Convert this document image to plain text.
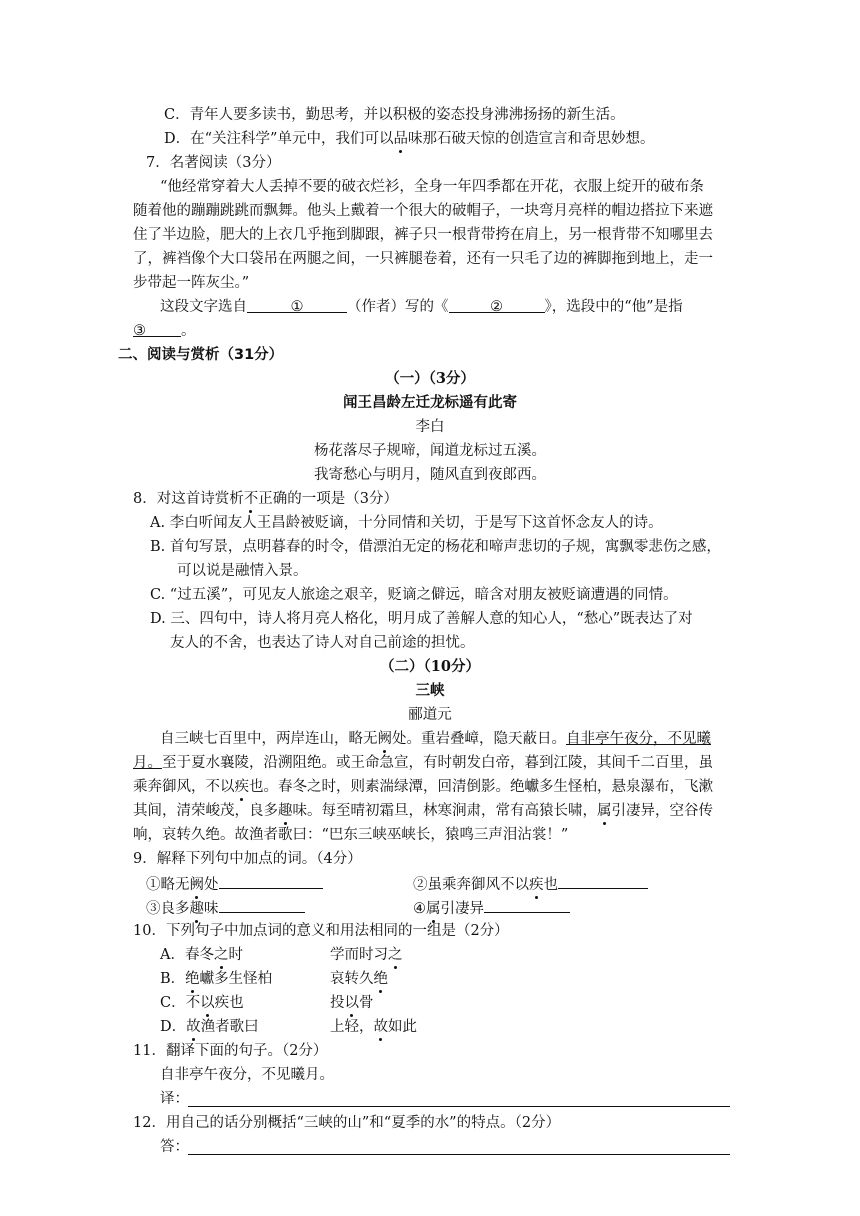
C．青年人要多读书，勤思考，并以积极的姿态投身沸沸扬扬的新生活。
D．在“关注科学”单元中，我们可以品味那石破天惊的创造宣言和奇思妙想。
7．名著阅读（3分）
“他经常穿着大人丢掉不要的破衣烂衫，全身一年四季都在开花，衣服上绽开的破布条
随着他的蹦蹦跳跳而飘舞。他头上戴着一个很大的破帽子，一块弯月亮样的帽边搭拉下来遮
住了半边脸，肥大的上衣几乎拖到脚跟，裤子只一根背带挎在肩上，另一根背带不知哪里去
了，裤裆像个大口袋吊在两腿之间，一只裤腿卷着，还有一只毛了边的裤脚拖到地上，走一
步带起一阵灰尘。”
这段文字选自	①	（作者）写的《	②	》，选段中的“他”是指
③ 。
二、阅读与赏析（31分）
（一）（3分）
闻王昌龄左迁龙标遥有此寄
李白
杨花落尽子规啼，闻道龙标过五溪。
我寄愁心与明月，随风直到夜郎西。
8．对这首诗赏析不正确的一项是（3分）
A. 李白听闻友人王昌龄被贬谪，十分同情和关切，于是写下这首怀念友人的诗。
B. 首句写景，点明暮春的时令，借漂泊无定的杨花和啼声悲切的子规，寓飘零悲伤之感，
可以说是融情入景。
C. “过五溪”，可见友人旅途之艰辛，贬谪之僻远，暗含对朋友被贬谪遭遇的同情。
D. 三、四句中，诗人将月亮人格化，明月成了善解人意的知心人，“愁心”既表达了对
友人的不舍，也表达了诗人对自己前途的担忧。
（二）（10分）
三峡
郦道元
自三峡七百里中，两岸连山，略无阙处。重岩叠嶂，隐天蔽日。自非亭午夜分，不见曦
月。至于夏水襄陵，沿溯阻绝。或王命急宣，有时朝发白帝，暮到江陵，其间千二百里，虽
乘奔御风，不以疾也。春冬之时，则素湍绿潭，回清倒影。绝巘多生怪柏，悬泉瀑布，飞漱
其间，清荣峻茂，良多趣味。每至晴初霜旦，林寒涧肃，常有高猿长啸，属引凄异，空谷传
响，哀转久绝。故渔者歌曰：“巴东三峡巫峡长，猿鸣三声泪沾裳！”
9．解释下列句中加点的词。（4分）
①略无阙处	②虽乘奔御风不以疾也
③良多趣味	④属引凄异
10．下列句子中加点词的意义和用法相同的一组是（2分）
A．春冬之时	学而时习之
B．绝巘多生怪柏	哀转久绝
C．不以疾也	投以骨
D．故渔者歌曰	上轻，故如此
11．翻译下面的句子。（2分）
自非亭午夜分，不见曦月。
译：
12．用自己的话分别概括“三峡的山”和“夏季的水”的特点。（2分）
答：
